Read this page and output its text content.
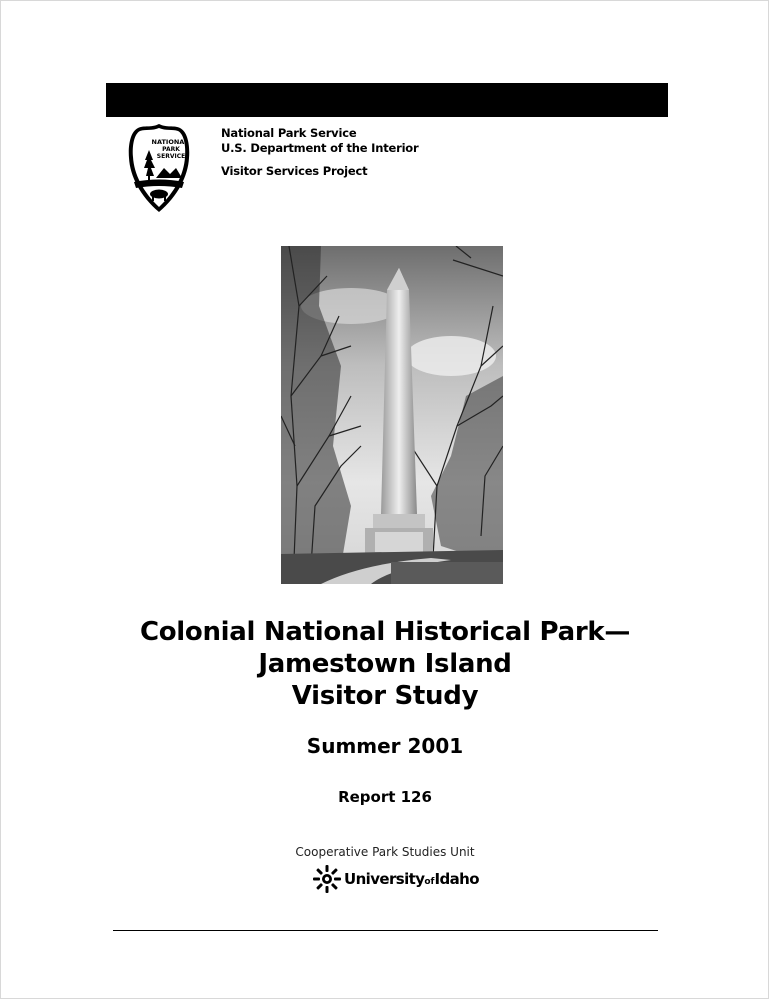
NATIONAL
PARK
SERVICE
National Park Service
U.S. Department of the Interior
Visitor Services Project
Colonial National Historical Park—
Jamestown Island
Visitor Study
Summer 2001
Report 126
Cooperative Park Studies Unit
UniversityofIdaho
